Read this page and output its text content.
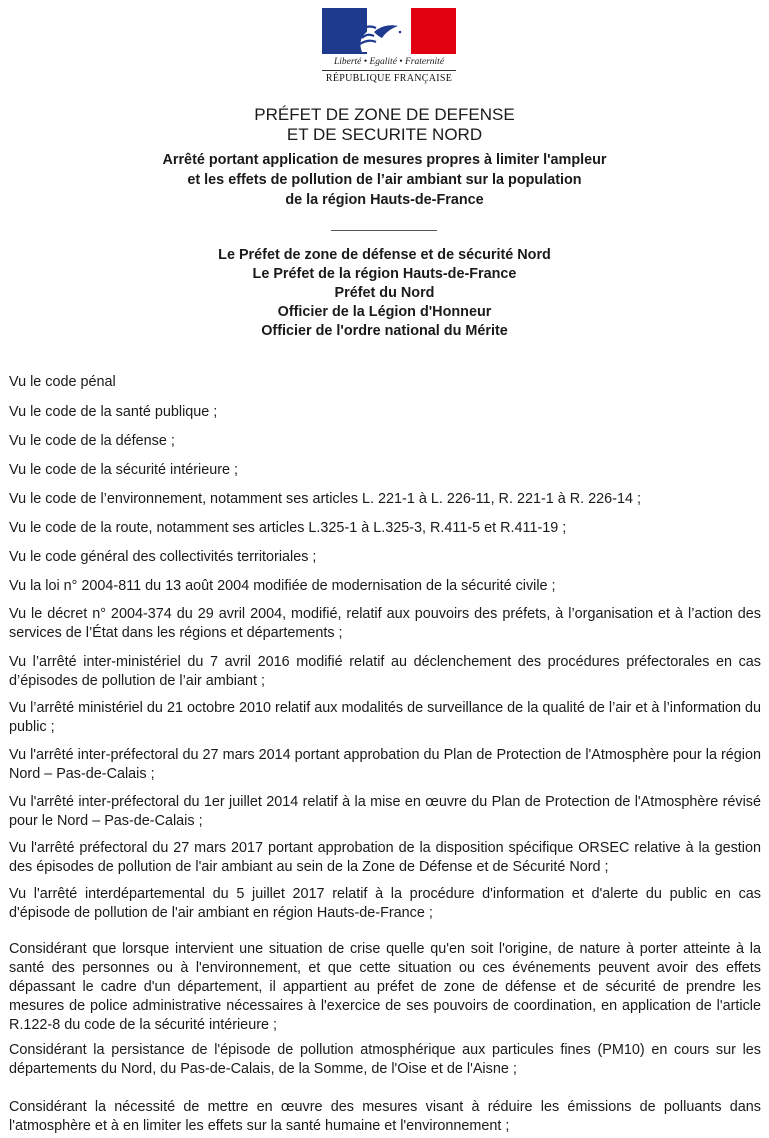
Liberté • Egalité • Fraternité
RÉPUBLIQUE FRANÇAISE
PRÉFET DE ZONE DE DEFENSE
ET DE SECURITE NORD
Arrêté portant application de mesures propres à limiter l'ampleur
et les effets de pollution de l’air ambiant sur la population
de la région Hauts-de-France
Le Préfet de zone de défense et de sécurité Nord
Le Préfet de la région Hauts-de-France
Préfet du Nord
Officier de la Légion d'Honneur
Officier de l'ordre national du Mérite

Vu le code pénal

Vu le code de la santé publique ;

Vu le code de la défense ;

Vu le code de la sécurité intérieure ;

Vu le code de l’environnement, notamment ses articles L. 221-1 à L. 226-11, R. 221-1 à R. 226-14 ;

Vu le code de la route, notamment ses articles L.325-1 à L.325-3, R.411-5 et R.411-19 ;

Vu le code général des collectivités territoriales ;

Vu la loi n° 2004-811 du 13 août 2004 modifiée de modernisation de la sécurité civile ;

Vu le décret n° 2004-374 du 29 avril 2004, modifié, relatif aux pouvoirs des préfets, à l’organisation et à l’action des services de l’État dans les régions et départements ;

Vu l’arrêté inter-ministériel du 7 avril 2016 modifié relatif au déclenchement des procédures préfectorales en cas d’épisodes de pollution de l’air ambiant ;

Vu l’arrêté ministériel du 21 octobre 2010 relatif aux modalités de surveillance de la qualité de l’air et à l’information du public ;

Vu l'arrêté inter-préfectoral du 27 mars 2014 portant approbation du Plan de Protection de l'Atmosphère pour la région Nord – Pas-de-Calais ;

Vu l'arrêté inter-préfectoral du 1er juillet 2014 relatif à la mise en œuvre du Plan de Protection de l'Atmosphère révisé pour le Nord – Pas-de-Calais ;

Vu l'arrêté préfectoral du 27 mars 2017 portant approbation de la disposition spécifique ORSEC relative à la gestion des épisodes de pollution de l'air ambiant au sein de la Zone de Défense et de Sécurité Nord ;

Vu l'arrêté interdépartemental du 5 juillet 2017 relatif à la procédure d'information et d'alerte du public en cas d'épisode de pollution de l'air ambiant en région Hauts-de-France ;

Considérant que lorsque intervient une situation de crise quelle qu'en soit l'origine, de nature à porter atteinte à la santé des personnes ou à l'environnement, et que cette situation ou ces événements peuvent avoir des effets dépassant le cadre d'un département, il appartient au préfet de zone de défense et de sécurité de prendre les mesures de police administrative nécessaires à l'exercice de ses pouvoirs de coordination, en application de l'article R.122-8 du code de la sécurité intérieure ;

Considérant la persistance de l'épisode de pollution atmosphérique aux particules fines (PM10) en cours sur les départements du Nord, du Pas-de-Calais, de la Somme, de l'Oise et de l'Aisne ;

Considérant la nécessité de mettre en œuvre des mesures visant à réduire les émissions de polluants dans l'atmosphère et à en limiter les effets sur la santé humaine et l'environnement ;
